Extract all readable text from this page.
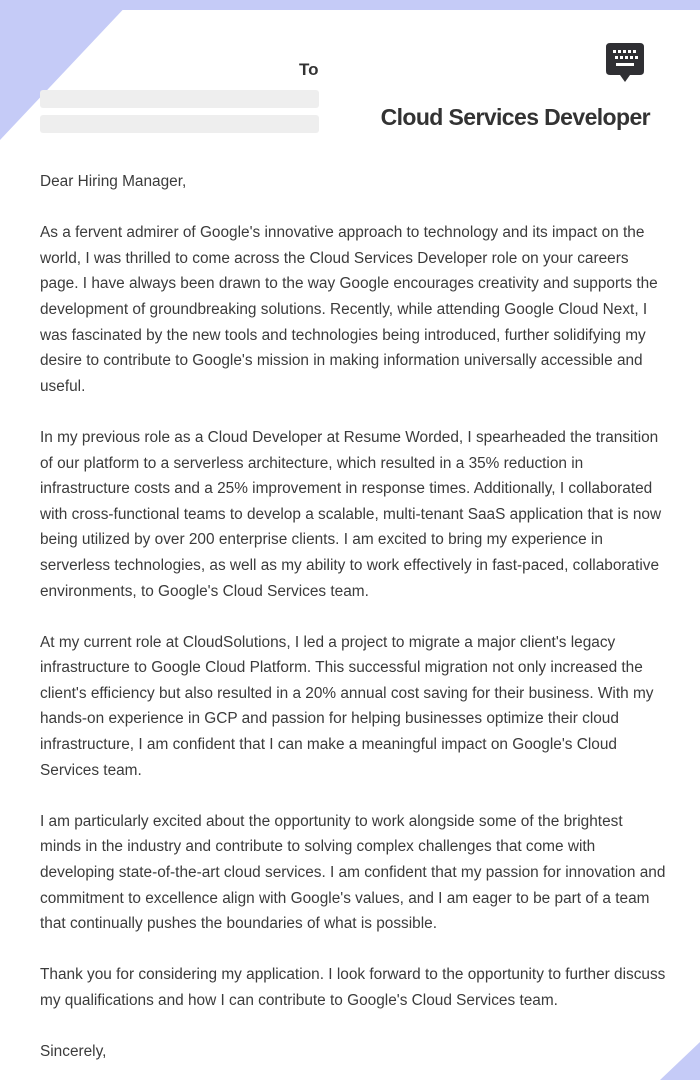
To
Cloud Services Developer

Dear Hiring Manager,

As a fervent admirer of Google's innovative approach to technology and its impact on the world, I was thrilled to come across the Cloud Services Developer role on your careers page. I have always been drawn to the way Google encourages creativity and supports the development of groundbreaking solutions. Recently, while attending Google Cloud Next, I was fascinated by the new tools and technologies being introduced, further solidifying my desire to contribute to Google's mission in making information universally accessible and useful.

In my previous role as a Cloud Developer at Resume Worded, I spearheaded the transition of our platform to a serverless architecture, which resulted in a 35% reduction in infrastructure costs and a 25% improvement in response times. Additionally, I collaborated with cross-functional teams to develop a scalable, multi-tenant SaaS application that is now being utilized by over 200 enterprise clients. I am excited to bring my experience in serverless technologies, as well as my ability to work effectively in fast-paced, collaborative environments, to Google's Cloud Services team.

At my current role at CloudSolutions, I led a project to migrate a major client's legacy infrastructure to Google Cloud Platform. This successful migration not only increased the client's efficiency but also resulted in a 20% annual cost saving for their business. With my hands-on experience in GCP and passion for helping businesses optimize their cloud infrastructure, I am confident that I can make a meaningful impact on Google's Cloud Services team.

I am particularly excited about the opportunity to work alongside some of the brightest minds in the industry and contribute to solving complex challenges that come with developing state-of-the-art cloud services. I am confident that my passion for innovation and commitment to excellence align with Google's values, and I am eager to be part of a team that continually pushes the boundaries of what is possible.

Thank you for considering my application. I look forward to the opportunity to further discuss my qualifications and how I can contribute to Google's Cloud Services team.

Sincerely,
